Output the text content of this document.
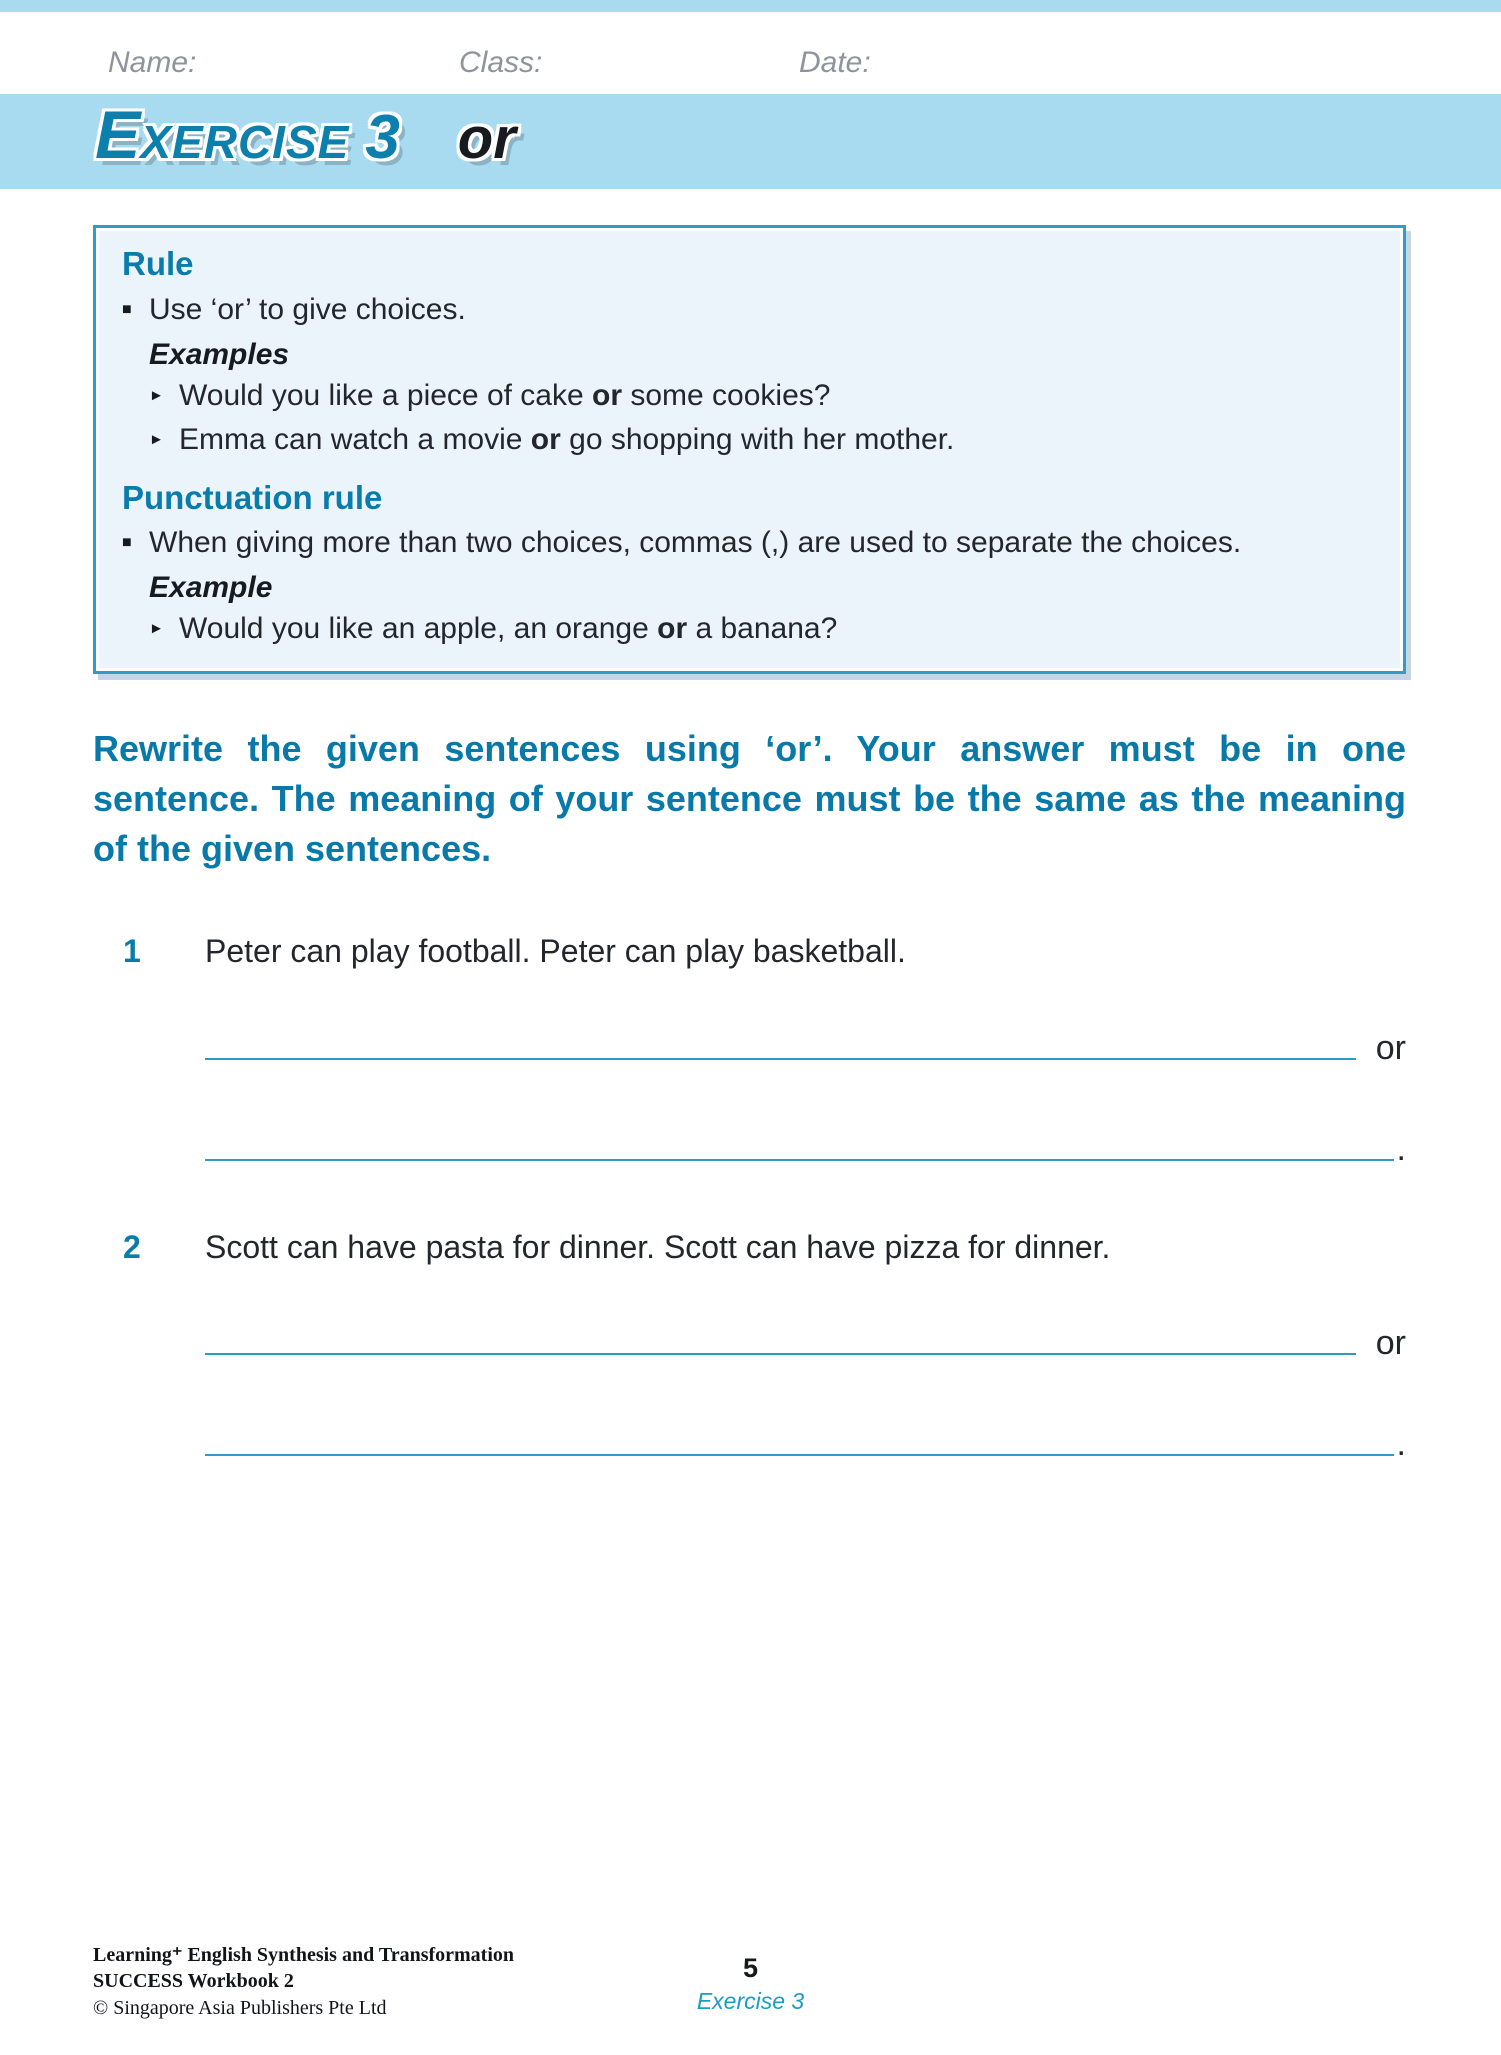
Name:	Class:	Date:
EXERCISE 3 or
Rule
■ Use ‘or’ to give choices.

Examples

► Would you like a piece of cake or some cookies?

► Emma can watch a movie or go shopping with her mother.

Punctuation rule
■ When giving more than two choices, commas (,) are used to separate the choices.

Example

► Would you like an apple, an orange or a banana?

Rewrite the given sentences using ‘or’. Your answer must be in one sentence. The meaning of your sentence must be the same as the meaning of the given sentences.

1	Peter can play football. Peter can play basketball.

or
.
2	Scott can have pasta for dinner. Scott can have pizza for dinner.

or
.
Learning⁺ English Synthesis and Transformation
SUCCESS Workbook 2
© Singapore Asia Publishers Pte Ltd
5
Exercise 3
